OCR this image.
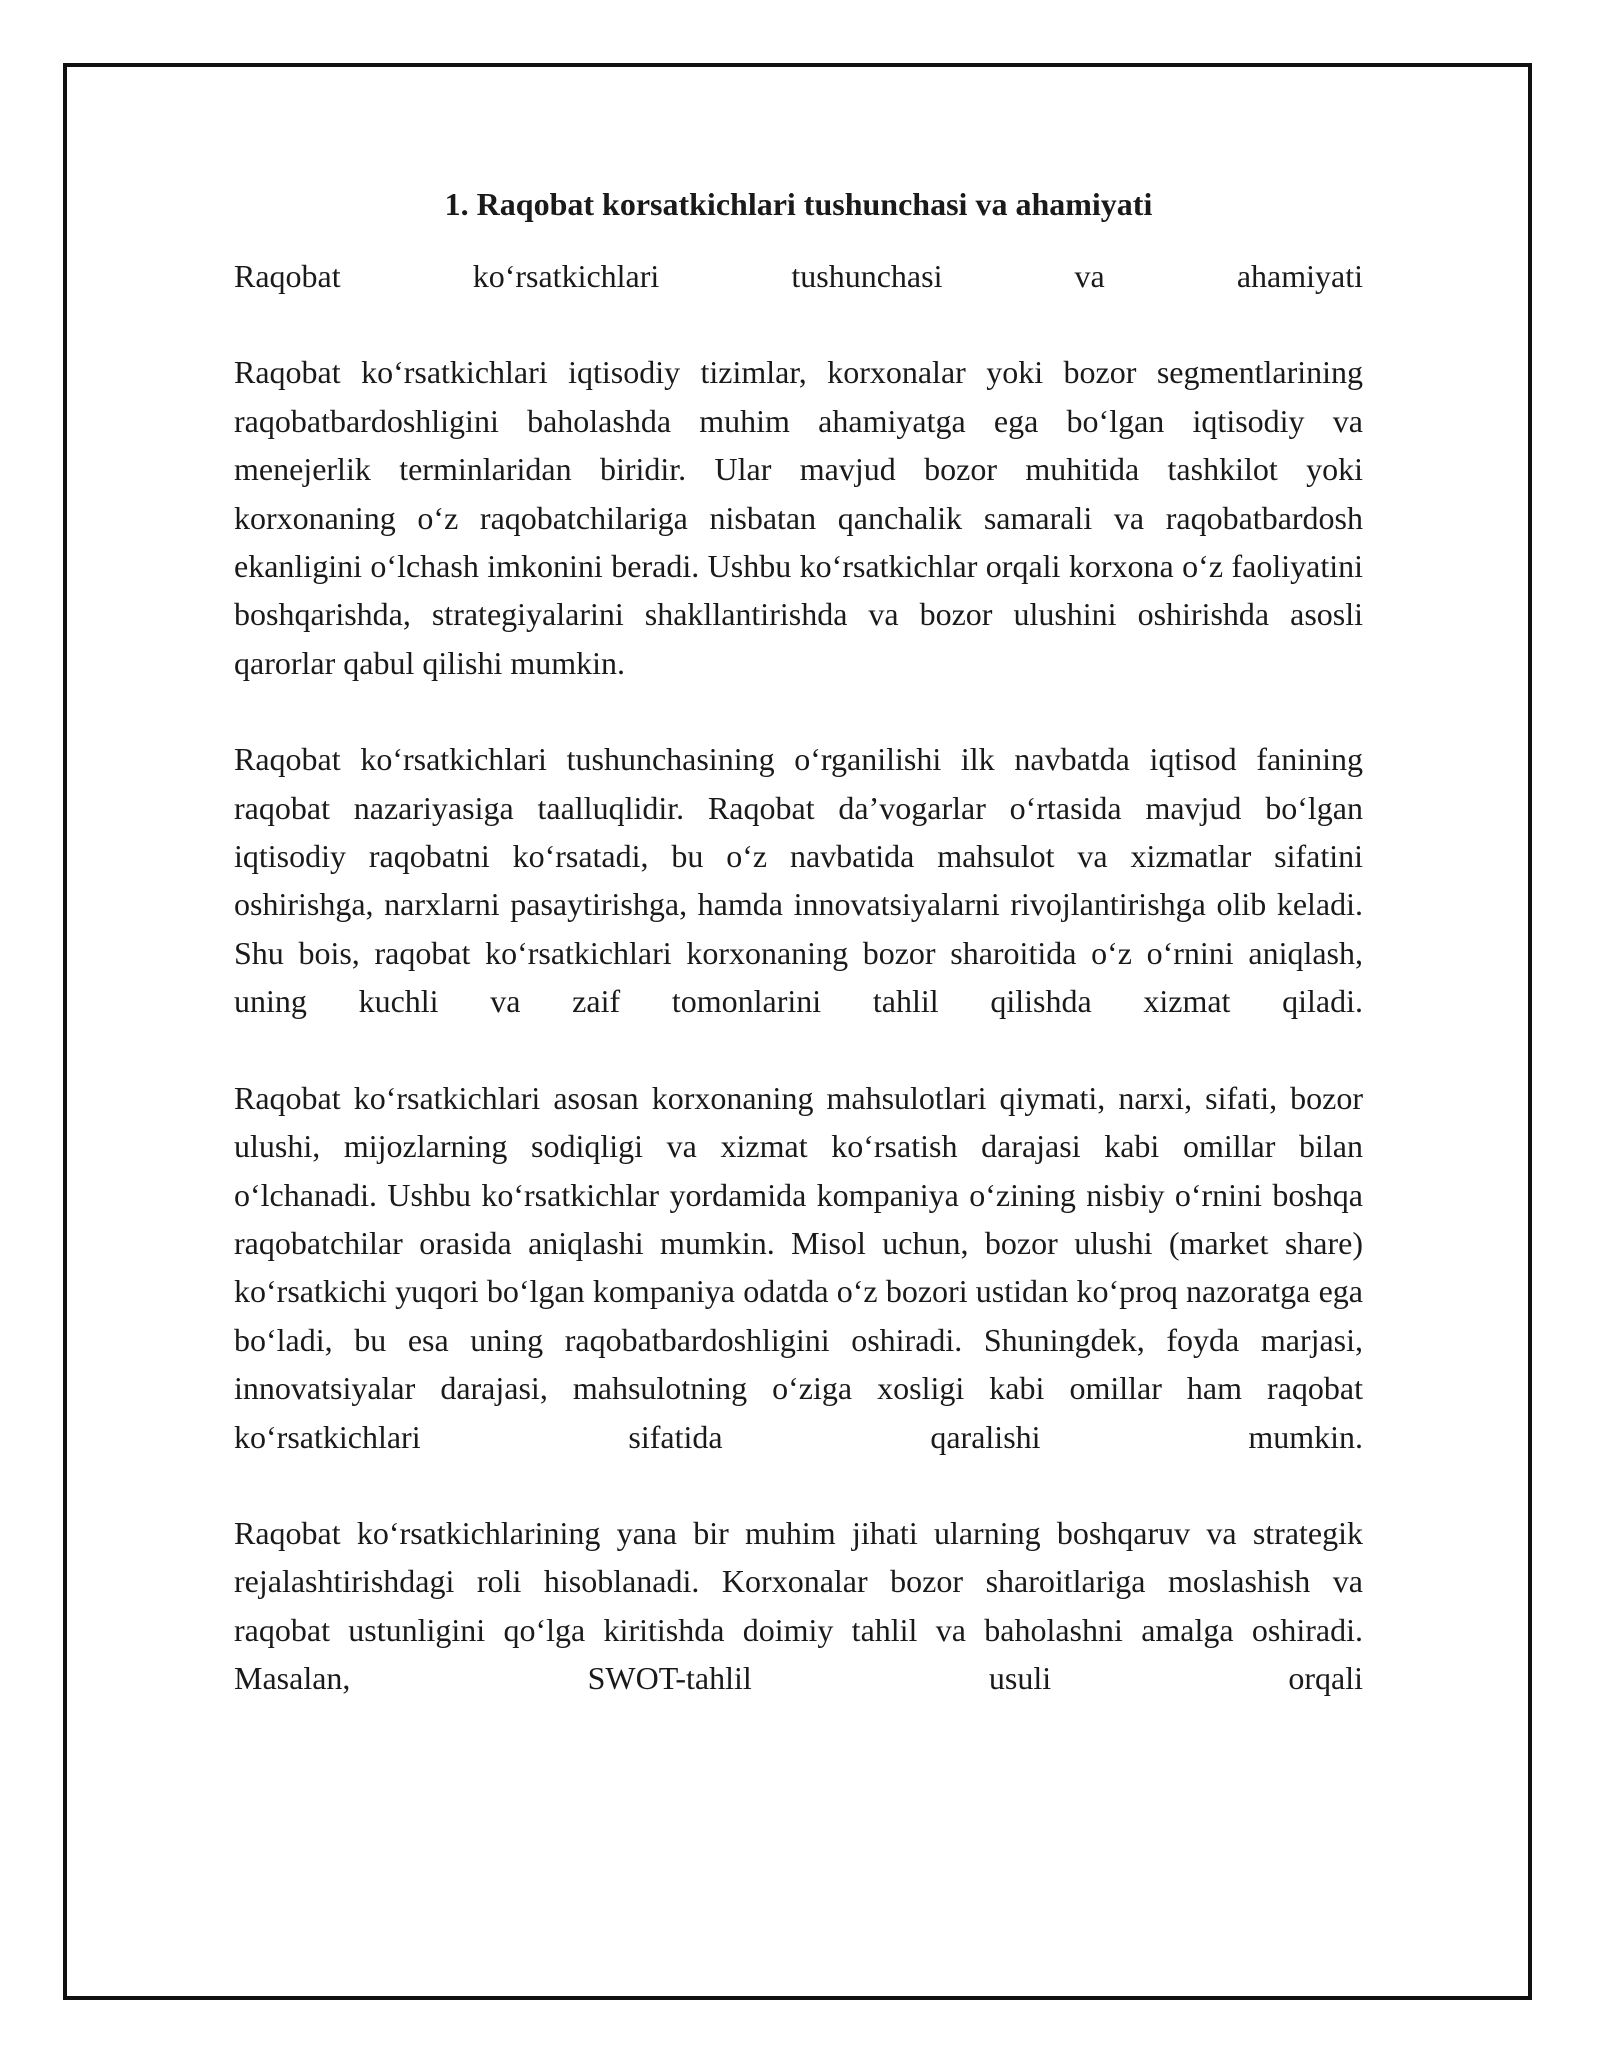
1. Raqobat korsatkichlari tushunchasi va ahamiyati
Raqobat koʻrsatkichlari tushunchasi va ahamiyati

Raqobat koʻrsatkichlari iqtisodiy tizimlar, korxonalar yoki bozor segmentlarining raqobatbardoshligini baholashda muhim ahamiyatga ega boʻlgan iqtisodiy va menejerlik terminlaridan biridir. Ular mavjud bozor muhitida tashkilot yoki korxonaning oʻz raqobatchilariga nisbatan qanchalik samarali va raqobatbardosh ekanligini oʻlchash imkonini beradi. Ushbu koʻrsatkichlar orqali korxona oʻz faoliyatini boshqarishda, strategiyalarini shakllantirishda va bozor ulushini oshirishda asosli qarorlar qabul qilishi mumkin.

Raqobat koʻrsatkichlari tushunchasining oʻrganilishi ilk navbatda iqtisod fanining raqobat nazariyasiga taalluqlidir. Raqobat da’vogarlar oʻrtasida mavjud boʻlgan iqtisodiy raqobatni koʻrsatadi, bu oʻz navbatida mahsulot va xizmatlar sifatini oshirishga, narxlarni pasaytirishga, hamda innovatsiyalarni rivojlantirishga olib keladi. Shu bois, raqobat koʻrsatkichlari korxonaning bozor sharoitida oʻz oʻrnini aniqlash, uning kuchli va zaif tomonlarini tahlil qilishda xizmat qiladi.

Raqobat koʻrsatkichlari asosan korxonaning mahsulotlari qiymati, narxi, sifati, bozor ulushi, mijozlarning sodiqligi va xizmat koʻrsatish darajasi kabi omillar bilan oʻlchanadi. Ushbu koʻrsatkichlar yordamida kompaniya oʻzining nisbiy oʻrnini boshqa raqobatchilar orasida aniqlashi mumkin. Misol uchun, bozor ulushi (market share) koʻrsatkichi yuqori boʻlgan kompaniya odatda oʻz bozori ustidan koʻproq nazoratga ega boʻladi, bu esa uning raqobatbardoshligini oshiradi. Shuningdek, foyda marjasi, innovatsiyalar darajasi, mahsulotning oʻziga xosligi kabi omillar ham raqobat koʻrsatkichlari sifatida qaralishi mumkin.

Raqobat koʻrsatkichlarining yana bir muhim jihati ularning boshqaruv va strategik rejalashtirishdagi roli hisoblanadi. Korxonalar bozor sharoitlariga moslashish va raqobat ustunligini qoʻlga kiritishda doimiy tahlil va baholashni amalga oshiradi. Masalan, SWOT-tahlil usuli orqali
